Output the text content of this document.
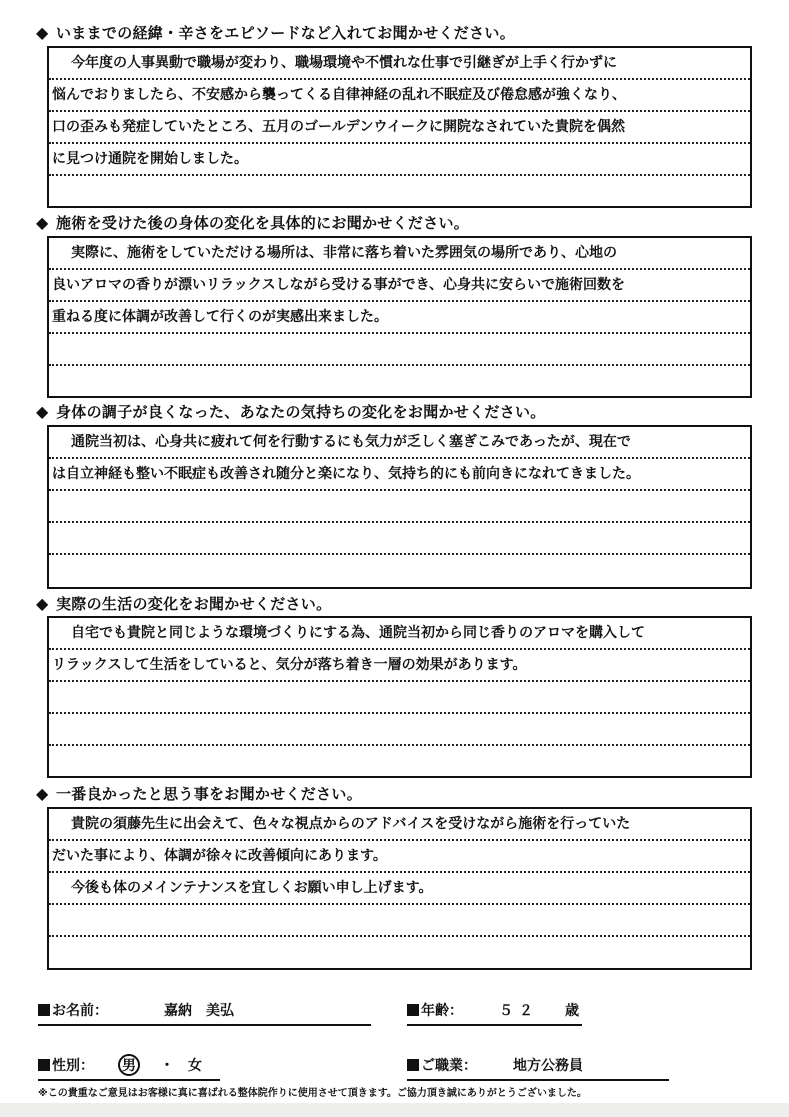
◆ いままでの経緯・辛さをエピソードなど入れてお聞かせください。
今年度の人事異動で職場が変わり、職場環境や不慣れな仕事で引継ぎが上手く行かずに
悩んでおりましたら、不安感から襲ってくる自律神経の乱れ不眠症及び倦怠感が強くなり、
口の歪みも発症していたところ、五月のゴールデンウイークに開院なされていた貴院を偶然
に見つけ通院を開始しました。
◆ 施術を受けた後の身体の変化を具体的にお聞かせください。
実際に、施術をしていただける場所は、非常に落ち着いた雰囲気の場所であり、心地の
良いアロマの香りが漂いリラックスしながら受ける事ができ、心身共に安らいで施術回数を
重ねる度に体調が改善して行くのが実感出来ました。
◆ 身体の調子が良くなった、あなたの気持ちの変化をお聞かせください。
通院当初は、心身共に疲れて何を行動するにも気力が乏しく塞ぎこみであったが、現在で
は自立神経も整い不眠症も改善され随分と楽になり、気持ち的にも前向きになれてきました。
◆ 実際の生活の変化をお聞かせください。
自宅でも貴院と同じような環境づくりにする為、通院当初から同じ香りのアロマを購入して
リラックスして生活をしていると、気分が落ち着き一層の効果があります。
◆ 一番良かったと思う事をお聞かせください。
貴院の須藤先生に出会えて、色々な視点からのアドバイスを受けながら施術を行っていた
だいた事により、体調が徐々に改善傾向にあります。
今後も体のメインテナンスを宜しくお願い申し上げます。
お名前：	嘉納　美弘	年齢：	５２ 歳
性別： 男 ・ 女	ご職業：	地方公務員
※この貴重なご意見はお客様に真に喜ばれる整体院作りに使用させて頂きます。ご協力頂き誠にありがとうございました。
